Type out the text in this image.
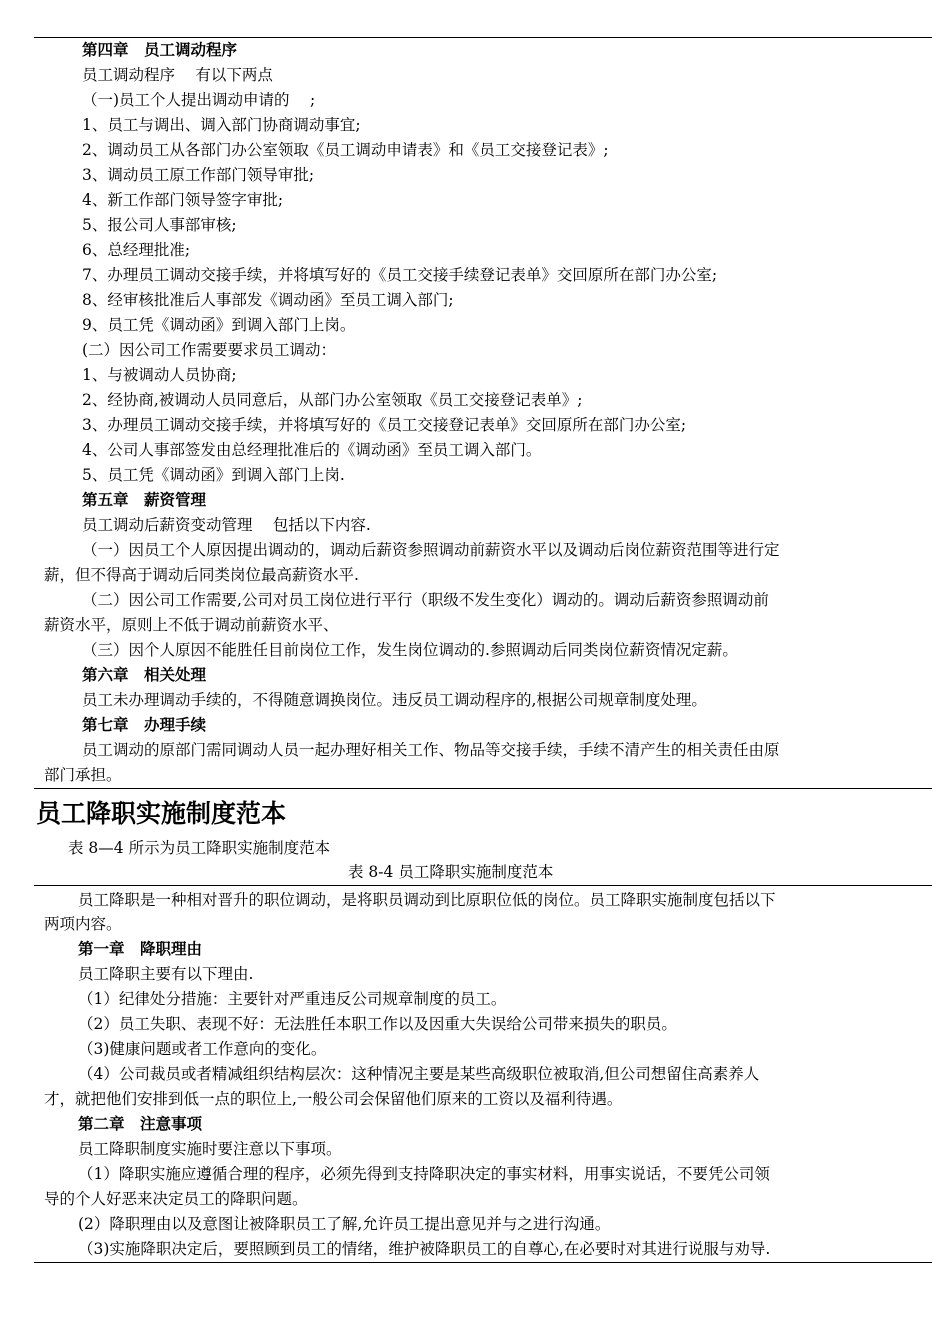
第四章　员工调动程序
员工调动程序　 有以下两点
（一)员工个人提出调动申请的　 ;
1、员工与调出、调入部门协商调动事宜;
2、调动员工从各部门办公室领取《员工调动申请表》和《员工交接登记表》;
3、调动员工原工作部门领导审批;
4、新工作部门领导签字审批;
5、报公司人事部审核;
6、总经理批准;
7、办理员工调动交接手续，并将填写好的《员工交接手续登记表单》交回原所在部门办公室;
8、经审核批准后人事部发《调动函》至员工调入部门;
9、员工凭《调动函》到调入部门上岗。
(二）因公司工作需要要求员工调动：
1、与被调动人员协商;
2、经协商,被调动人员同意后，从部门办公室领取《员工交接登记表单》;
3、办理员工调动交接手续，并将填写好的《员工交接登记表单》交回原所在部门办公室;
4、公司人事部签发由总经理批准后的《调动函》至员工调入部门。
5、员工凭《调动函》到调入部门上岗.
第五章　薪资管理
员工调动后薪资变动管理　 包括以下内容.
（一）因员工个人原因提出调动的，调动后薪资参照调动前薪资水平以及调动后岗位薪资范围等进行定
薪，但不得高于调动后同类岗位最高薪资水平.
（二）因公司工作需要,公司对员工岗位进行平行（职级不发生变化）调动的。调动后薪资参照调动前
薪资水平，原则上不低于调动前薪资水平、
（三）因个人原因不能胜任目前岗位工作，发生岗位调动的.参照调动后同类岗位薪资情况定薪。
第六章　相关处理
员工未办理调动手续的，不得随意调换岗位。违反员工调动程序的,根据公司规章制度处理。
第七章　办理手续
员工调动的原部门需同调动人员一起办理好相关工作、物品等交接手续，手续不清产生的相关责任由原
部门承担。
员工降职实施制度范本
表 8—4 所示为员工降职实施制度范本
表 8-4 员工降职实施制度范本
员工降职是一种相对晋升的职位调动，是将职员调动到比原职位低的岗位。员工降职实施制度包括以下
两项内容。
第一章　降职理由
员工降职主要有以下理由.
（1）纪律处分措施：主要针对严重违反公司规章制度的员工。
（2）员工失职、表现不好：无法胜任本职工作以及因重大失误给公司带来损失的职员。
（3)健康问题或者工作意向的变化。
（4）公司裁员或者精减组织结构层次：这种情况主要是某些高级职位被取消,但公司想留住高素养人
才，就把他们安排到低一点的职位上,一般公司会保留他们原来的工资以及福利待遇。
第二章　注意事项
员工降职制度实施时要注意以下事项。
（1）降职实施应遵循合理的程序，必须先得到支持降职决定的事实材料，用事实说话，不要凭公司领
导的个人好恶来决定员工的降职问题。
(2）降职理由以及意图让被降职员工了解,允许员工提出意见并与之进行沟通。
（3)实施降职决定后，要照顾到员工的情绪，维护被降职员工的自尊心,在必要时对其进行说服与劝导.
